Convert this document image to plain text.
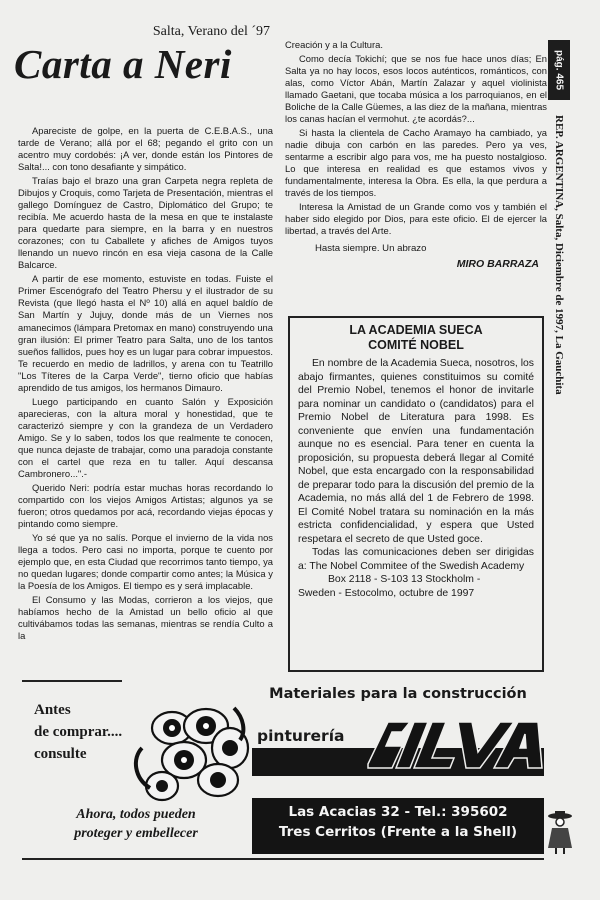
Salta, Verano del ´97
Carta a Neri
Apareciste de golpe, en la puerta de C.E.B.A.S., una tarde de Verano; allá por el 68; pegando el grito con un acentro muy cordobés: ¡A ver, donde están los Pintores de Salta!... con tono desafiante y simpático.
Traías bajo el brazo una gran Carpeta negra repleta de Dibujos y Croquis, como Tarjeta de Presentación, mientras el gallego Domínguez de Castro, Diplomático del Grupo; te recibía. Me acuerdo hasta de la mesa en que te instalaste para quedarte para siempre, en la barra y en nuestros corazones; con tu Caballete y afiches de Amigos tuyos llenando un nuevo rincón en esa vieja casona de la Calle Balcarce.
A partir de ese momento, estuviste en todas. Fuiste el Primer Escenógrafo del Teatro Phersu y el ilustrador de su Revista (que llegó hasta el Nº 10) allá en aquel baldío de San Martín y Jujuy, donde más de un Viernes nos amanecimos (lámpara Pretomax en mano) construyendo una gran ilusión: El primer Teatro para Salta, uno de los tantos sueños fallidos, pues hoy es un lugar para cobrar impuestos. Te recuerdo en medio de ladrillos, y arena con tu Teatrillo "Los Títeres de la Carpa Verde", tierno oficio que habías aprendido de tus amigos, los hermanos Dimauro.
Luego participando en cuanto Salón y Exposición aparecieras, con la altura moral y honestidad, que te caracterizó siempre y con la grandeza de un Verdadero Amigo. Se y lo saben, todos los que realmente te conocen, que nunca dejaste de trabajar, como una paradoja constante con el cartel que reza en tu taller. Aquí descansa Cambronero...".-
Querido Neri: podría estar muchas horas recordando lo compartido con los viejos Amigos Artistas; algunos ya se fueron; otros quedamos por acá, recordando viejas épocas y pintando como siempre.
Yo sé que ya no salís. Porque el invierno de la vida nos llega a todos. Pero casi no importa, porque te cuento por ejemplo que, en esta Ciudad que recorrimos tanto tiempo, ya no quedan lugares; donde compartir como antes; la Música y la Poesía de los Amigos. El tiempo es y será implacable.
El Consumo y las Modas, corrieron a los viejos, que habíamos hecho de la Amistad un bello oficio al que cultivábamos todas las semanas, mientras se rendía Culto a la
Creación y a la Cultura.
Como decía Tokichí; que se nos fue hace unos días; En Salta ya no hay locos, esos locos auténticos, románticos, con alas, como Víctor Abán, Martín Zalazar y aquel violinista llamado Gaetani, que tocaba música a los parroquianos, en el Boliche de la Calle Güemes, a las diez de la mañana, mientras los canas hacían el vermohut. ¿te acordás?...
Si hasta la clientela de Cacho Aramayo ha cambiado, ya nadie dibuja con carbón en las paredes. Pero ya ves, sentarme a escribir algo para vos, me ha puesto nostalgioso. Lo que interesa en realidad es que estamos vivos y fundamentalmente, interesa la Obra. Es ella, la que perdura a través de los tiempos.
Interesa la Amistad de un Grande como vos y también el haber sido elegido por Dios, para este oficio. El de ejercer la libertad, a través del Arte.
Hasta siempre. Un abrazo
MIRO BARRAZA
LA ACADEMIA SUECA
COMITÉ NOBEL
En nombre de la Academia Sueca, nosotros, los abajo firmantes, quienes constituimos su comité del Premio Nobel, tenemos el honor de invitarle para nominar un candidato o (candidatos) para el Premio Nobel de Literatura para 1998. Es conveniente que envíen una fundamentación aunque no es esencial. Para tener en cuenta la proposición, su propuesta deberá llegar al Comité Nobel, que esta encargado con la responsabilidad de preparar todo para la discusión del premio de la Academia, no más allá del 1 de Febrero de 1998. El Comité Nobel tratara su nominación en la más estricta confidencialidad, y espera que Usted respetara el secreto de que Usted goce.
Todas las comunicaciones deben ser dirigidas a: The Nobel Commitee of the Swedish Academy
Box 2118 - S-103 13 Stockholm -
Sweden - Estocolmo, octubre de 1997
pág. 465
REP. ARGENTINA, Salta, Diciembre de 1997, La Gauchita
Antes
de comprar....
consulte
Materiales para la construcción
pinturería
Ahora, todos pueden
proteger y embellecer
Las Acacias 32 - Tel.: 395602
Tres Cerritos (Frente a la Shell)
